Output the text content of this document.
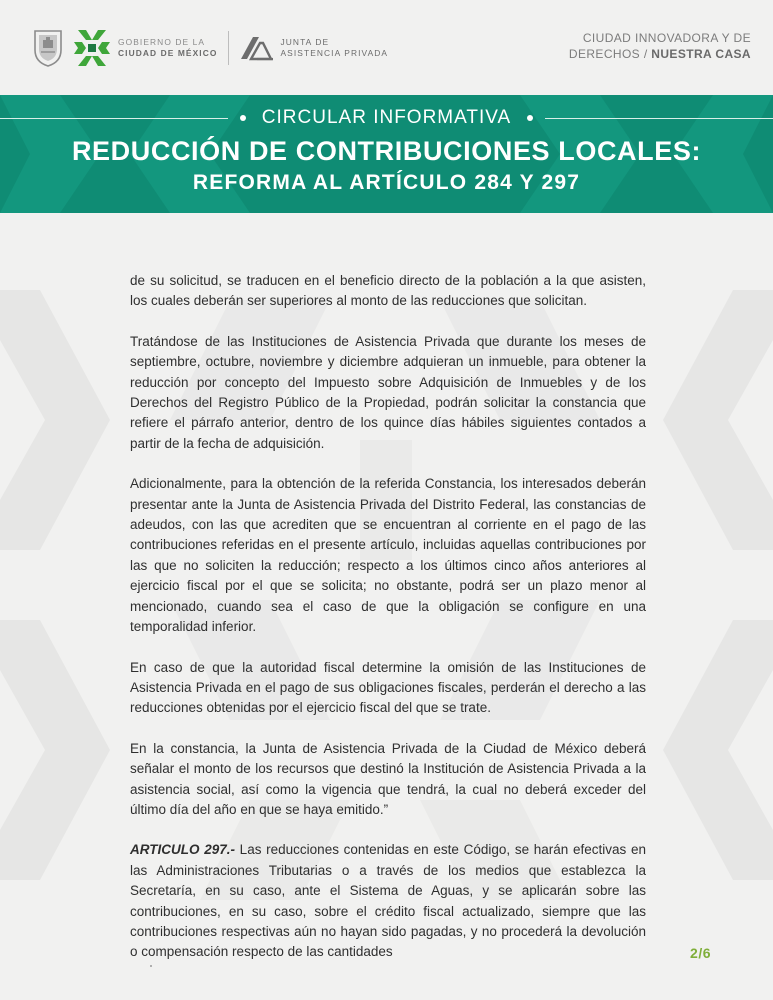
GOBIERNO DE LA
CIUDAD DE MÉXICO
JUNTA DE
ASISTENCIA PRIVADA
CIUDAD INNOVADORA Y DE
DERECHOS / NUESTRA CASA
CIRCULAR INFORMATIVA
REDUCCIÓN DE CONTRIBUCIONES LOCALES:
REFORMA AL ARTÍCULO 284 Y 297

de su solicitud, se traducen en el beneficio directo de la población a la que asisten, los cuales deberán ser superiores al monto de las reducciones que solicitan.

Tratándose de las Instituciones de Asistencia Privada que durante los meses de septiembre, octubre, noviembre y diciembre adquieran un inmueble, para obtener la reducción por concepto del Impuesto sobre Adquisición de Inmuebles y de los Derechos del Registro Público de la Propiedad, podrán solicitar la constancia que refiere el párrafo anterior, dentro de los quince días hábiles siguientes contados a partir de la fecha de adquisición.

Adicionalmente, para la obtención de la referida Constancia, los interesados deberán presentar ante la Junta de Asistencia Privada del Distrito Federal, las constancias de adeudos, con las que acrediten que se encuentran al corriente en el pago de las contribuciones referidas en el presente artículo, incluidas aquellas contribuciones por las que no soliciten la reducción; respecto a los últimos cinco años anteriores al ejercicio fiscal por el que se solicita; no obstante, podrá ser un plazo menor al mencionado, cuando sea el caso de que la obligación se configure en una temporalidad inferior.

En caso de que la autoridad fiscal determine la omisión de las Instituciones de Asistencia Privada en el pago de sus obligaciones fiscales, perderán el derecho a las reducciones obtenidas por el ejercicio fiscal del que se trate.

En la constancia, la Junta de Asistencia Privada de la Ciudad de México deberá señalar el monto de los recursos que destinó la Institución de Asistencia Privada a la asistencia social, así como la vigencia que tendrá, la cual no deberá exceder del último día del año en que se haya emitido.”

ARTICULO 297.- Las reducciones contenidas en este Código, se harán efectivas en las Administraciones Tributarias o a través de los medios que establezca la Secretaría, en su caso, ante el Sistema de Aguas, y se aplicarán sobre las contribuciones, en su caso, sobre el crédito fiscal actualizado, siempre que las contribuciones respectivas aún no hayan sido pagadas, y no procederá la devolución o compensación respecto de las cantidades	2/6
